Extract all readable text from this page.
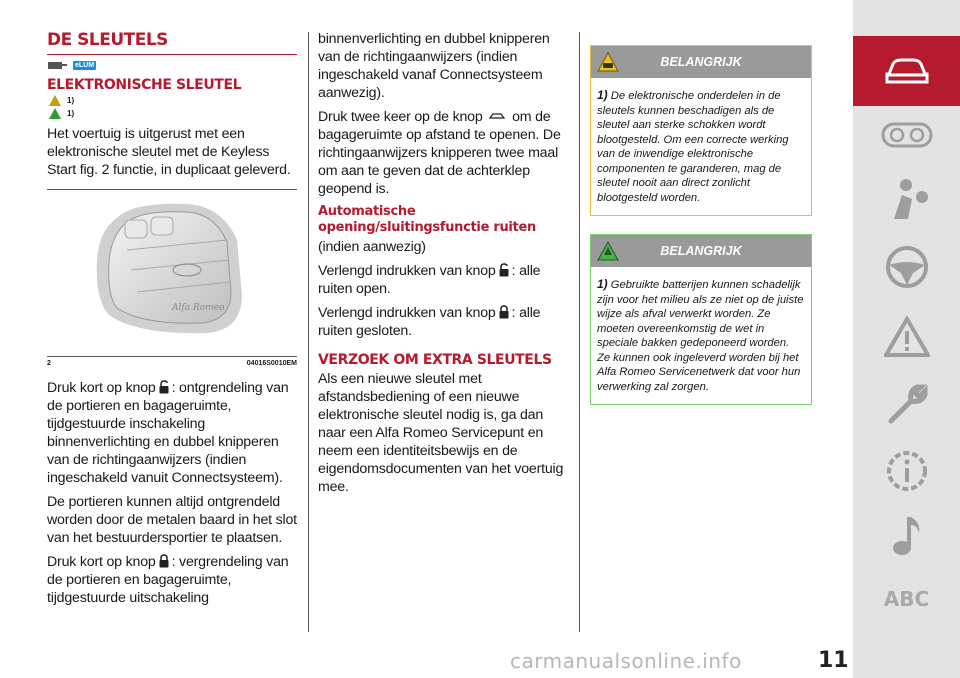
DE SLEUTELS
eLUM
ELEKTRONISCHE SLEUTEL
1)
1)

Het voertuig is uitgerust met een elektronische sleutel met de Keyless Start fig. 2 functie, in duplicaat geleverd.

Alfa Romeo
2	04016S0010EM

Druk kort op knop : ontgrendeling van de portieren en bagageruimte, tijdgestuurde inschakeling binnenverlichting en dubbel knipperen van de richtingaanwijzers (indien ingeschakeld vanuit Connectsysteem).

De portieren kunnen altijd ontgrendeld worden door de metalen baard in het slot van het bestuurdersportier te plaatsen.

Druk kort op knop : vergrendeling van de portieren en bagageruimte, tijdgestuurde uitschakeling

binnenverlichting en dubbel knipperen van de richtingaanwijzers (indien ingeschakeld vanaf Connectsysteem aanwezig).

Druk twee keer op de knop om de bagageruimte op afstand te openen. De richtingaanwijzers knipperen twee maal om aan te geven dat de achterklep geopend is.

Automatische opening/sluitingsfunctie ruiten

(indien aanwezig)

Verlengd indrukken van knop : alle ruiten open.

Verlengd indrukken van knop : alle ruiten gesloten.

VERZOEK OM EXTRA SLEUTELS

Als een nieuwe sleutel met afstandsbediening of een nieuwe elektronische sleutel nodig is, ga dan naar een Alfa Romeo Servicepunt en neem een identiteitsbewijs en de eigendomsdocumenten van het voertuig mee.

BELANGRIJK
1) De elektronische onderdelen in de sleutels kunnen beschadigen als de sleutel aan sterke schokken wordt blootgesteld. Om een correcte werking van de inwendige elektronische componenten te garanderen, mag de sleutel nooit aan direct zonlicht blootgesteld worden.
BELANGRIJK
1) Gebruikte batterijen kunnen schadelijk zijn voor het milieu als ze niet op de juiste wijze als afval verwerkt worden. Ze moeten overeenkomstig de wet in speciale bakken gedeponeerd worden. Ze kunnen ook ingeleverd worden bij het Alfa Romeo Servicenetwerk dat voor hun verwerking zal zorgen.
ABC
carmanualsonline.info	11
